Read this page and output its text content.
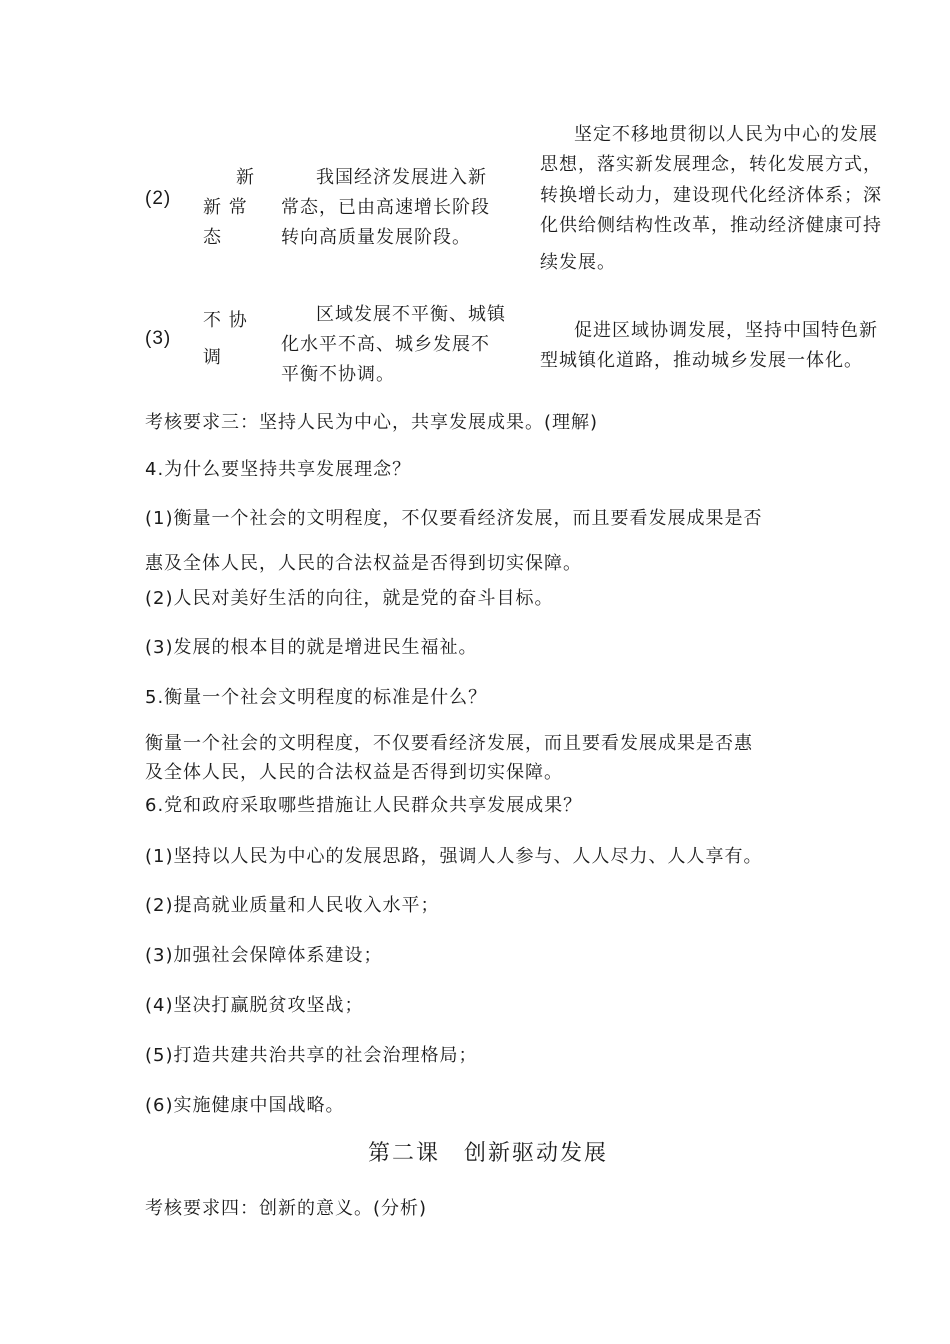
(2)
新
新 常
态
我国经济发展进入新
常态，已由高速增长阶段
转向高质量发展阶段。
坚定不移地贯彻以人民为中心的发展
思想，落实新发展理念，转化发展方式，
转换增长动力，建设现代化经济体系；深
化供给侧结构性改革，推动经济健康可持
续发展。
(3)
不 协
调
区域发展不平衡、城镇
化水平不高、城乡发展不
平衡不协调。
促进区域协调发展，坚持中国特色新
型城镇化道路，推动城乡发展一体化。
考核要求三：坚持人民为中心，共享发展成果。(理解)
4.为什么要坚持共享发展理念？
(1)衡量一个社会的文明程度，不仅要看经济发展，而且要看发展成果是否
惠及全体人民，人民的合法权益是否得到切实保障。
(2)人民对美好生活的向往，就是党的奋斗目标。
(3)发展的根本目的就是增进民生福祉。
5.衡量一个社会文明程度的标准是什么？
衡量一个社会的文明程度，不仅要看经济发展，而且要看发展成果是否惠
及全体人民，人民的合法权益是否得到切实保障。
6.党和政府采取哪些措施让人民群众共享发展成果？
(1)坚持以人民为中心的发展思路，强调人人参与、人人尽力、人人享有。
(2)提高就业质量和人民收入水平；
(3)加强社会保障体系建设；
(4)坚决打赢脱贫攻坚战；
(5)打造共建共治共享的社会治理格局；
(6)实施健康中国战略。
第二课　创新驱动发展
考核要求四：创新的意义。(分析)
